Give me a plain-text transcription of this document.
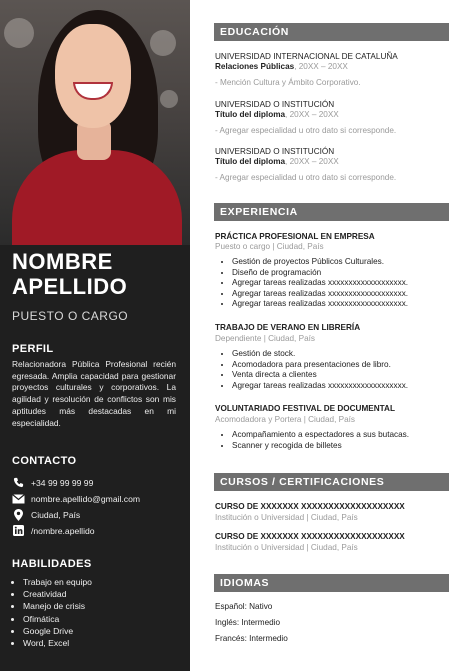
NOMBRE
APELLIDO
PUESTO O CARGO
PERFIL
Relacionadora Pública Profesional recién egresada. Amplia capacidad para gestionar proyectos culturales y corporativos. La agilidad y resolución de conflictos son mis aptitudes más destacadas en mi especialidad.
CONTACTO
+34 99 99 99 99
nombre.apellido@gmail.com
Ciudad, País
/nombre.apellido
HABILIDADES
• Trabajo en equipo
• Creatividad
• Manejo de crisis
• Ofimática
• Google Drive
• Word, Excel
EDUCACIÓN
UNIVERSIDAD INTERNACIONAL DE CATALUÑA
Relaciones Públicas, 20XX – 20XX
- Mención Cultura y Ámbito Corporativo.
UNIVERSIDAD O INSTITUCIÓN
Título del diploma, 20XX – 20XX
- Agregar especialidad u otro dato si corresponde.
UNIVERSIDAD O INSTITUCIÓN
Título del diploma, 20XX – 20XX
- Agregar especialidad u otro dato si corresponde.
EXPERIENCIA
PRÁCTICA PROFESIONAL EN EMPRESA
Puesto o cargo | Ciudad, País
• Gestión de proyectos Públicos Culturales.
• Diseño de programación
• Agregar tareas realizadas xxxxxxxxxxxxxxxxxxx.
• Agregar tareas realizadas xxxxxxxxxxxxxxxxxxx.
• Agregar tareas realizadas xxxxxxxxxxxxxxxxxxx.
TRABAJO DE VERANO EN LIBRERÍA
Dependiente | Ciudad, País
• Gestión de stock.
• Acomodadora para presentaciones de libro.
• Venta directa a clientes
• Agregar tareas realizadas xxxxxxxxxxxxxxxxxxx.
VOLUNTARIADO FESTIVAL DE DOCUMENTAL
Acomodadora y Portera | Ciudad, País
• Acompañamiento a espectadores a sus butacas.
• Scanner y recogida de billetes
CURSOS / CERTIFICACIONES
CURSO DE XXXXXXX XXXXXXXXXXXXXXXXXXX
Institución o Universidad | Ciudad, País
CURSO DE XXXXXXX XXXXXXXXXXXXXXXXXXX
Institución o Universidad | Ciudad, País
IDIOMAS
Español: Nativo
Inglés: Intermedio
Francés: Intermedio
